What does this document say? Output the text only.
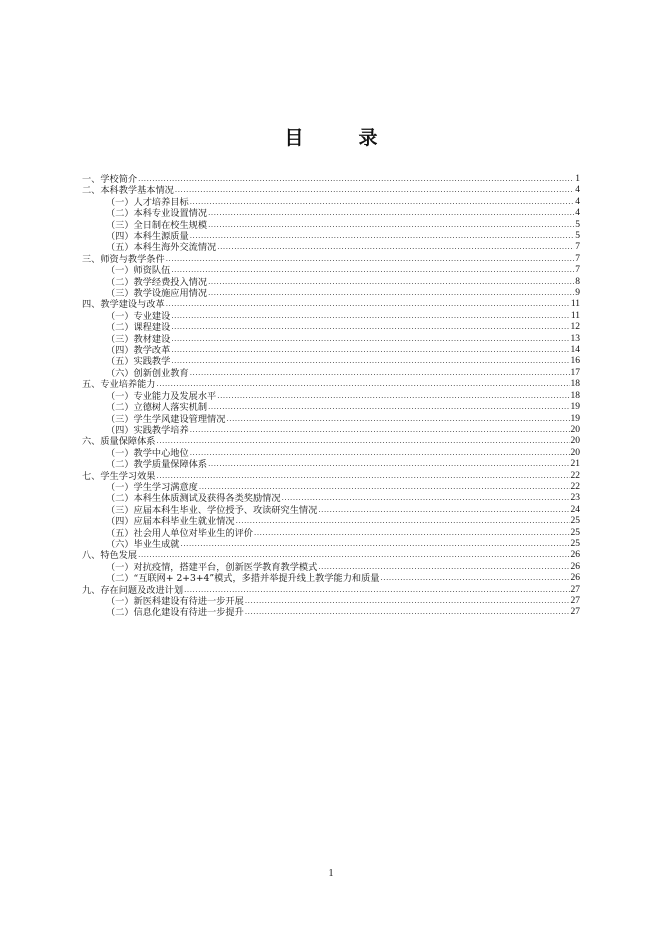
目　录
一、学校简介 .....	1
二、本科教学基本情况 .....	4
（一）人才培养目标 .....	4
（二）本科专业设置情况 .....	4
（三）全日制在校生规模 .....	5
（四）本科生源质量 .....	5
（五）本科生海外交流情况 .....	7
三、师资与教学条件 .....	7
（一）师资队伍 .....	7
（二）教学经费投入情况 .....	8
（三）教学设施应用情况 .....	9
四、教学建设与改革 .....	11
（一）专业建设 .....	11
（二）课程建设 .....	12
（三）教材建设 .....	13
（四）教学改革 .....	14
（五）实践教学 .....	16
（六）创新创业教育 .....	17
五、专业培养能力 .....	18
（一）专业能力及发展水平 .....	18
（二）立德树人落实机制 .....	19
（三）学生学风建设管理情况 .....	19
（四）实践教学培养 .....	20
六、质量保障体系 .....	20
（一）教学中心地位 .....	20
（二）教学质量保障体系 .....	21
七、学生学习效果 .....	22
（一）学生学习满意度 .....	22
（二）本科生体质测试及获得各类奖励情况 .....	23
（三）应届本科生毕业、学位授予、攻读研究生情况 .....	24
（四）应届本科毕业生就业情况 .....	25
（五）社会用人单位对毕业生的评价 .....	25
（六）毕业生成就 .....	25
八、特色发展 .....	26
（一）对抗疫情，搭建平台，创新医学教育教学模式 .....	26
（二）“互联网+ 2+3+4”模式，多措并举提升线上教学能力和质量 .....	26
九、存在问题及改进计划 .....	27
（一）新医科建设有待进一步开展 .....	27
（二）信息化建设有待进一步提升 .....	27
1
